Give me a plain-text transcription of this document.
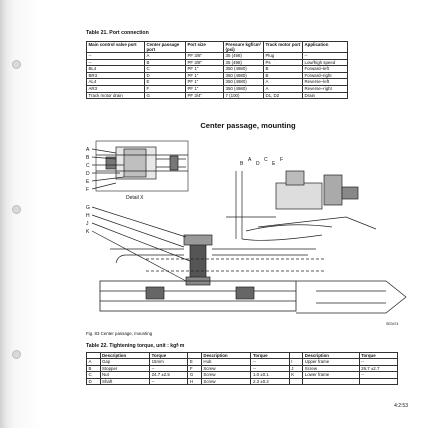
Table 21. Port connection
Main control valve port	Center passage port	Port size	Pressure kgf/cm² (psi)	Track motor port	Application
--	A	PF 3/8"	35 (498)	Plug	--
--	B	PF 3/8"	35 (498)	Ps	Low/high speed
BL4	C	PF 1"	350 (4980)	B	Forward–left
BR3	D	PF 1"	350 (4980)	B	Forward–right
AL4	E	PF 1"	350 (4980)	A	Reverse–left
AR3	F	PF 1"	350 (4980)	A	Reverse–right
Track motor drain	G	PF 3/4"	7 (100)	D1, D2	Drain
Center passage, mounting
A
B
C
D
E
F
G
H
J
K
B
A
D
C
E
F
Detail X
SE0474
Fig. 83 Center passage, mounting
Table 22. Tightening torque, unit : kgf·m
	Description	Torque		Description	Torque		Description	Torque
A	Gap	15mm	E	Hub	--	I	Upper frame	--
B	Stopper	--	F	Screw	--	J	Screw	26.7 ±2.7
C	Nut	24.7 ±2.5	G	Screw	1.0 ±0.1	K	Lower frame	--
D	Shaft	--	H	Screw	2.3 ±0.2			
4:2:53
